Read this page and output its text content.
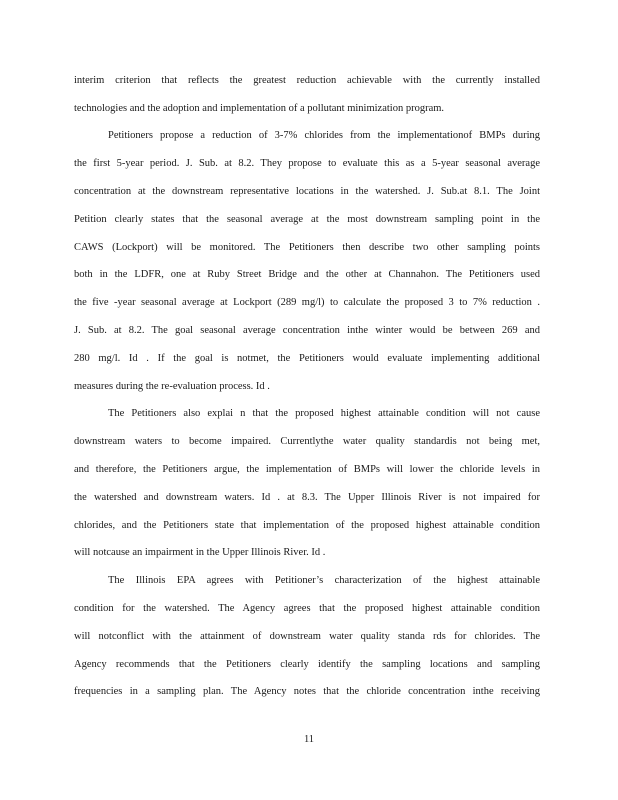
interim criterion that reflects the greatest reduction achievable with the currently installed
technologies and the adoption and implementation of a pollutant minimization program.
Petitioners propose a reduction of 3-7% chlorides from the implementationof BMPs during
the first 5-year period. J. Sub. at 8.2. They propose to evaluate this as a 5-year seasonal average
concentration at the downstream representative locations in the watershed. J. Sub.at 8.1. The Joint
Petition clearly states that the seasonal average at the most downstream sampling point in the
CAWS (Lockport) will be monitored. The Petitioners then describe two other sampling points
both in the LDFR, one at Ruby Street Bridge and the other at Channahon. The Petitioners used
the five -year seasonal average at Lockport (289 mg/l) to calculate the proposed 3 to 7% reduction .
J. Sub. at 8.2. The goal seasonal average concentration inthe winter would be between 269 and
280 mg/l. Id . If the goal is notmet, the Petitioners would evaluate implementing additional
measures during the re-evaluation process. Id .
The Petitioners also explai n that the proposed highest attainable condition will not cause
downstream waters to become impaired. Currentlythe water quality standardis not being met,
and therefore, the Petitioners argue, the implementation of BMPs will lower the chloride levels in
the watershed and downstream waters. Id . at 8.3. The Upper Illinois River is not impaired for
chlorides, and the Petitioners state that implementation of the proposed highest attainable condition
will notcause an impairment in the Upper Illinois River. Id .
The Illinois EPA agrees with Petitioner’s characterization of the highest attainable
condition for the watershed. The Agency agrees that the proposed highest attainable condition
will notconflict with the attainment of downstream water quality standa rds for chlorides. The
Agency recommends that the Petitioners clearly identify the sampling locations and sampling
frequencies in a sampling plan. The Agency notes that the chloride concentration inthe receiving
11
